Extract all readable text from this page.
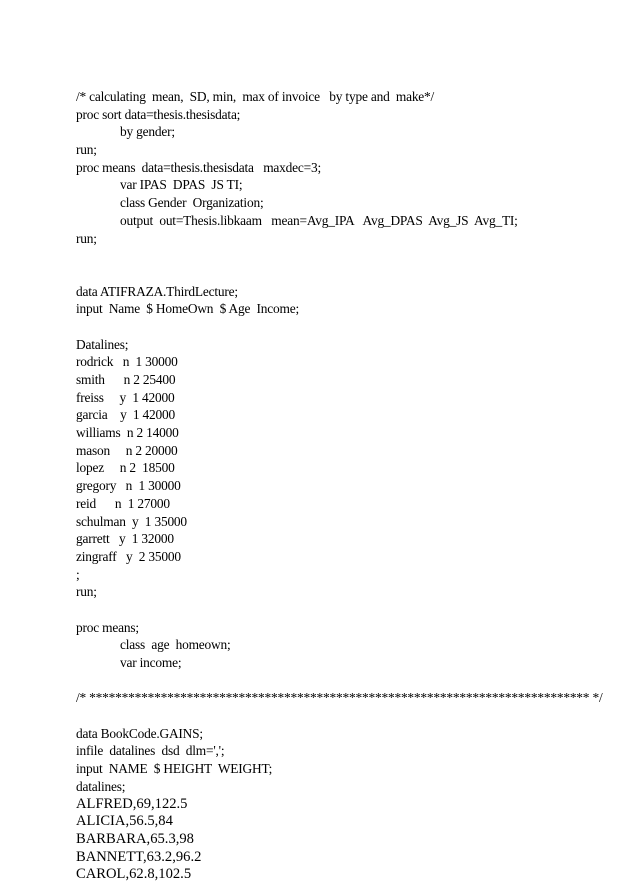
/* calculating  mean,  SD, min,  max of invoice   by type and  make*/
proc sort data=thesis.thesisdata;
by gender;
run;
proc means  data=thesis.thesisdata   maxdec=3;
var IPAS  DPAS  JS TI;
class Gender  Organization;
output  out=Thesis.libkaam   mean=Avg_IPA   Avg_DPAS  Avg_JS  Avg_TI;
run;
data ATIFRAZA.ThirdLecture;
input  Name  $ HomeOwn  $ Age  Income;
Datalines;
rodrick   n  1 30000
smith      n 2 25400
freiss     y  1 42000
garcia    y  1 42000
williams  n 2 14000
mason     n 2 20000
lopez     n 2  18500
gregory   n  1 30000
reid      n  1 27000
schulman  y  1 35000
garrett   y  1 32000
zingraff   y  2 35000
;
run;
proc means;
class  age  homeown;
var income;
/* ***************************************************************************** */
data BookCode.GAINS;
infile  datalines  dsd  dlm=',';
input  NAME  $ HEIGHT  WEIGHT;
datalines;
ALFRED,69,122.5
ALICIA,56.5,84
BARBARA,65.3,98
BANNETT,63.2,96.2
CAROL,62.8,102.5
